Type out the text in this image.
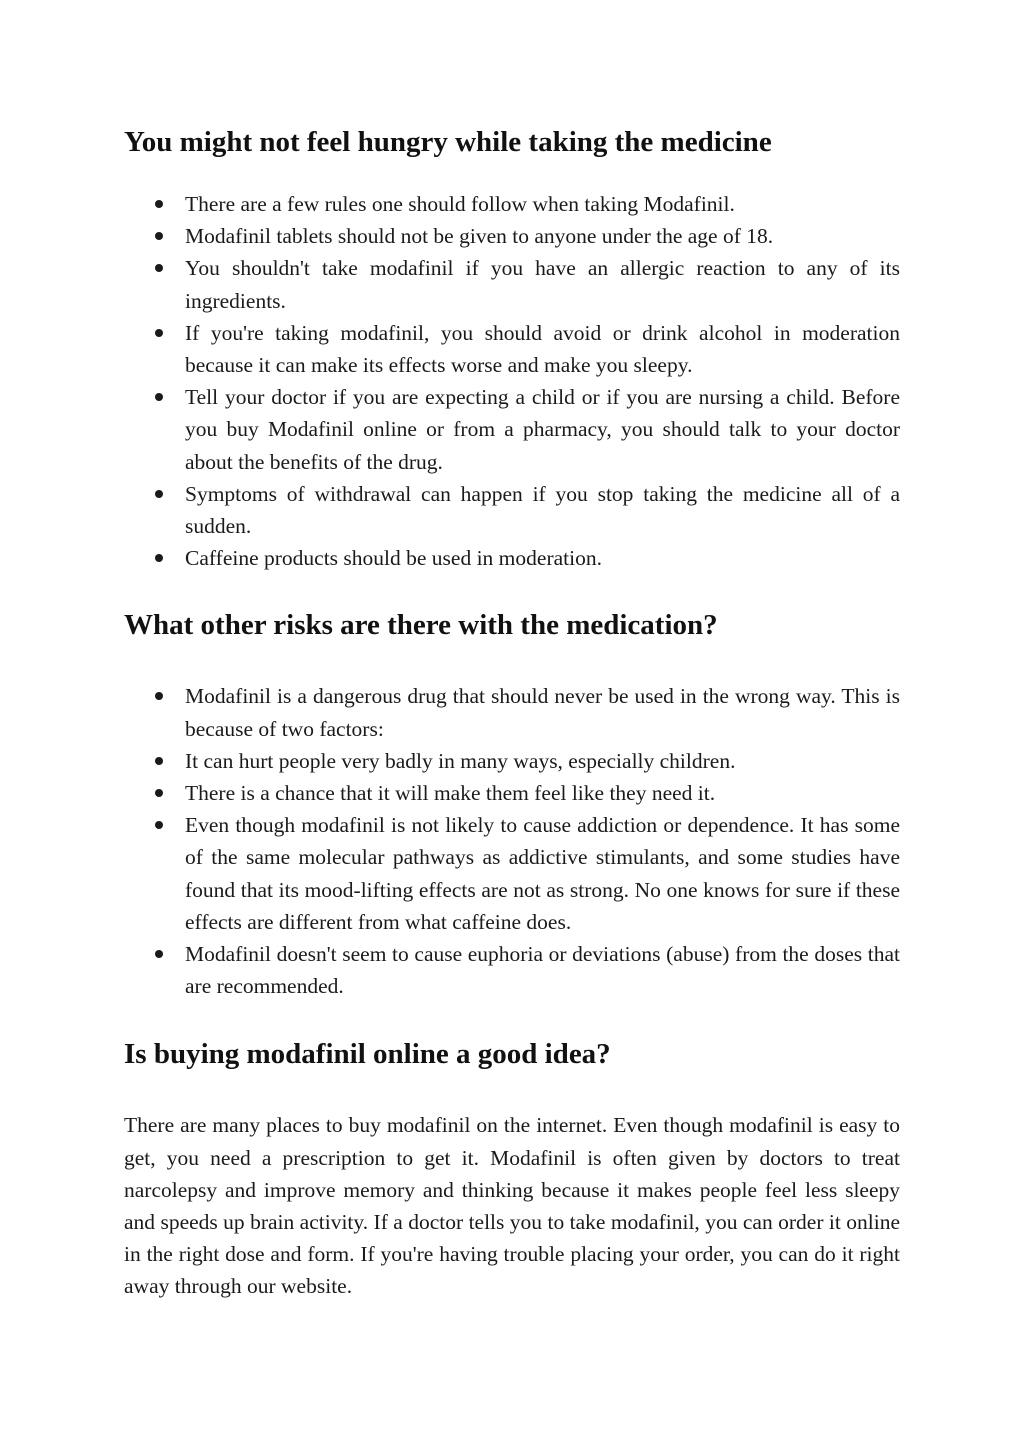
You might not feel hungry while taking the medicine
There are a few rules one should follow when taking Modafinil.
Modafinil tablets should not be given to anyone under the age of 18.
You shouldn't take modafinil if you have an allergic reaction to any of its ingredients.
If you're taking modafinil, you should avoid or drink alcohol in moderation because it can make its effects worse and make you sleepy.
Tell your doctor if you are expecting a child or if you are nursing a child. Before you buy Modafinil online or from a pharmacy, you should talk to your doctor about the benefits of the drug.
Symptoms of withdrawal can happen if you stop taking the medicine all of a sudden.
Caffeine products should be used in moderation.
What other risks are there with the medication?
Modafinil is a dangerous drug that should never be used in the wrong way. This is because of two factors:
It can hurt people very badly in many ways, especially children.
There is a chance that it will make them feel like they need it.
Even though modafinil is not likely to cause addiction or dependence. It has some of the same molecular pathways as addictive stimulants, and some studies have found that its mood-lifting effects are not as strong. No one knows for sure if these effects are different from what caffeine does.
Modafinil doesn't seem to cause euphoria or deviations (abuse) from the doses that are recommended.
Is buying modafinil online a good idea?

There are many places to buy modafinil on the internet. Even though modafinil is easy to get, you need a prescription to get it. Modafinil is often given by doctors to treat narcolepsy and improve memory and thinking because it makes people feel less sleepy and speeds up brain activity. If a doctor tells you to take modafinil, you can order it online in the right dose and form. If you're having trouble placing your order, you can do it right away through our website.
